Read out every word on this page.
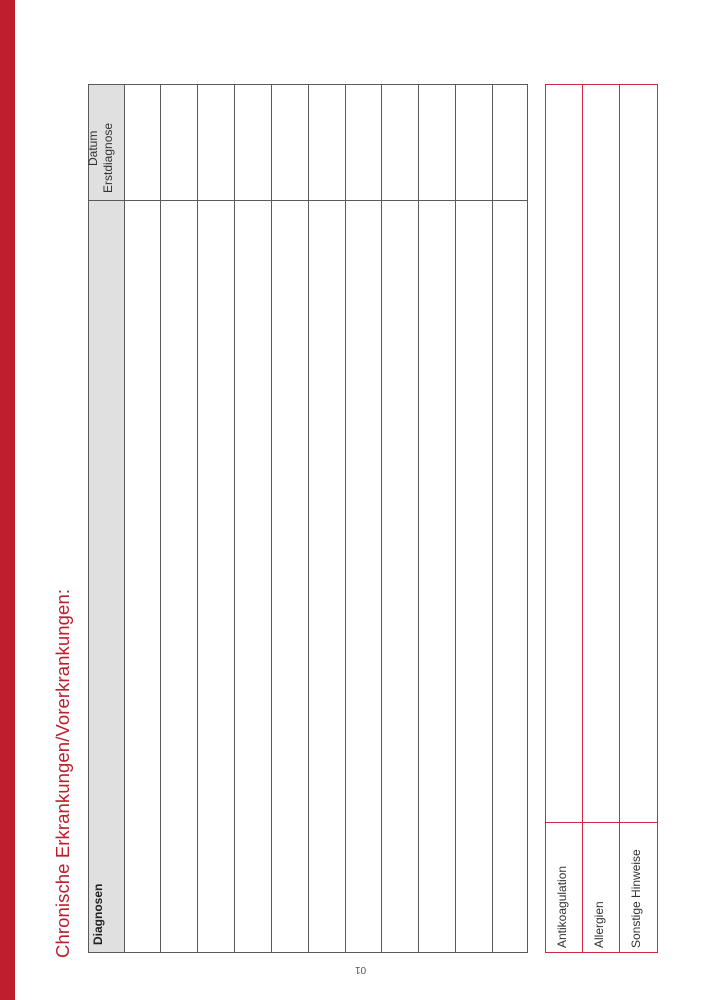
Chronische Erkrankungen/Vorerkrankungen: Diagnosen
Datum Erstdiagnose
Antikoagulation Allergien Sonstige Hinweise
01
